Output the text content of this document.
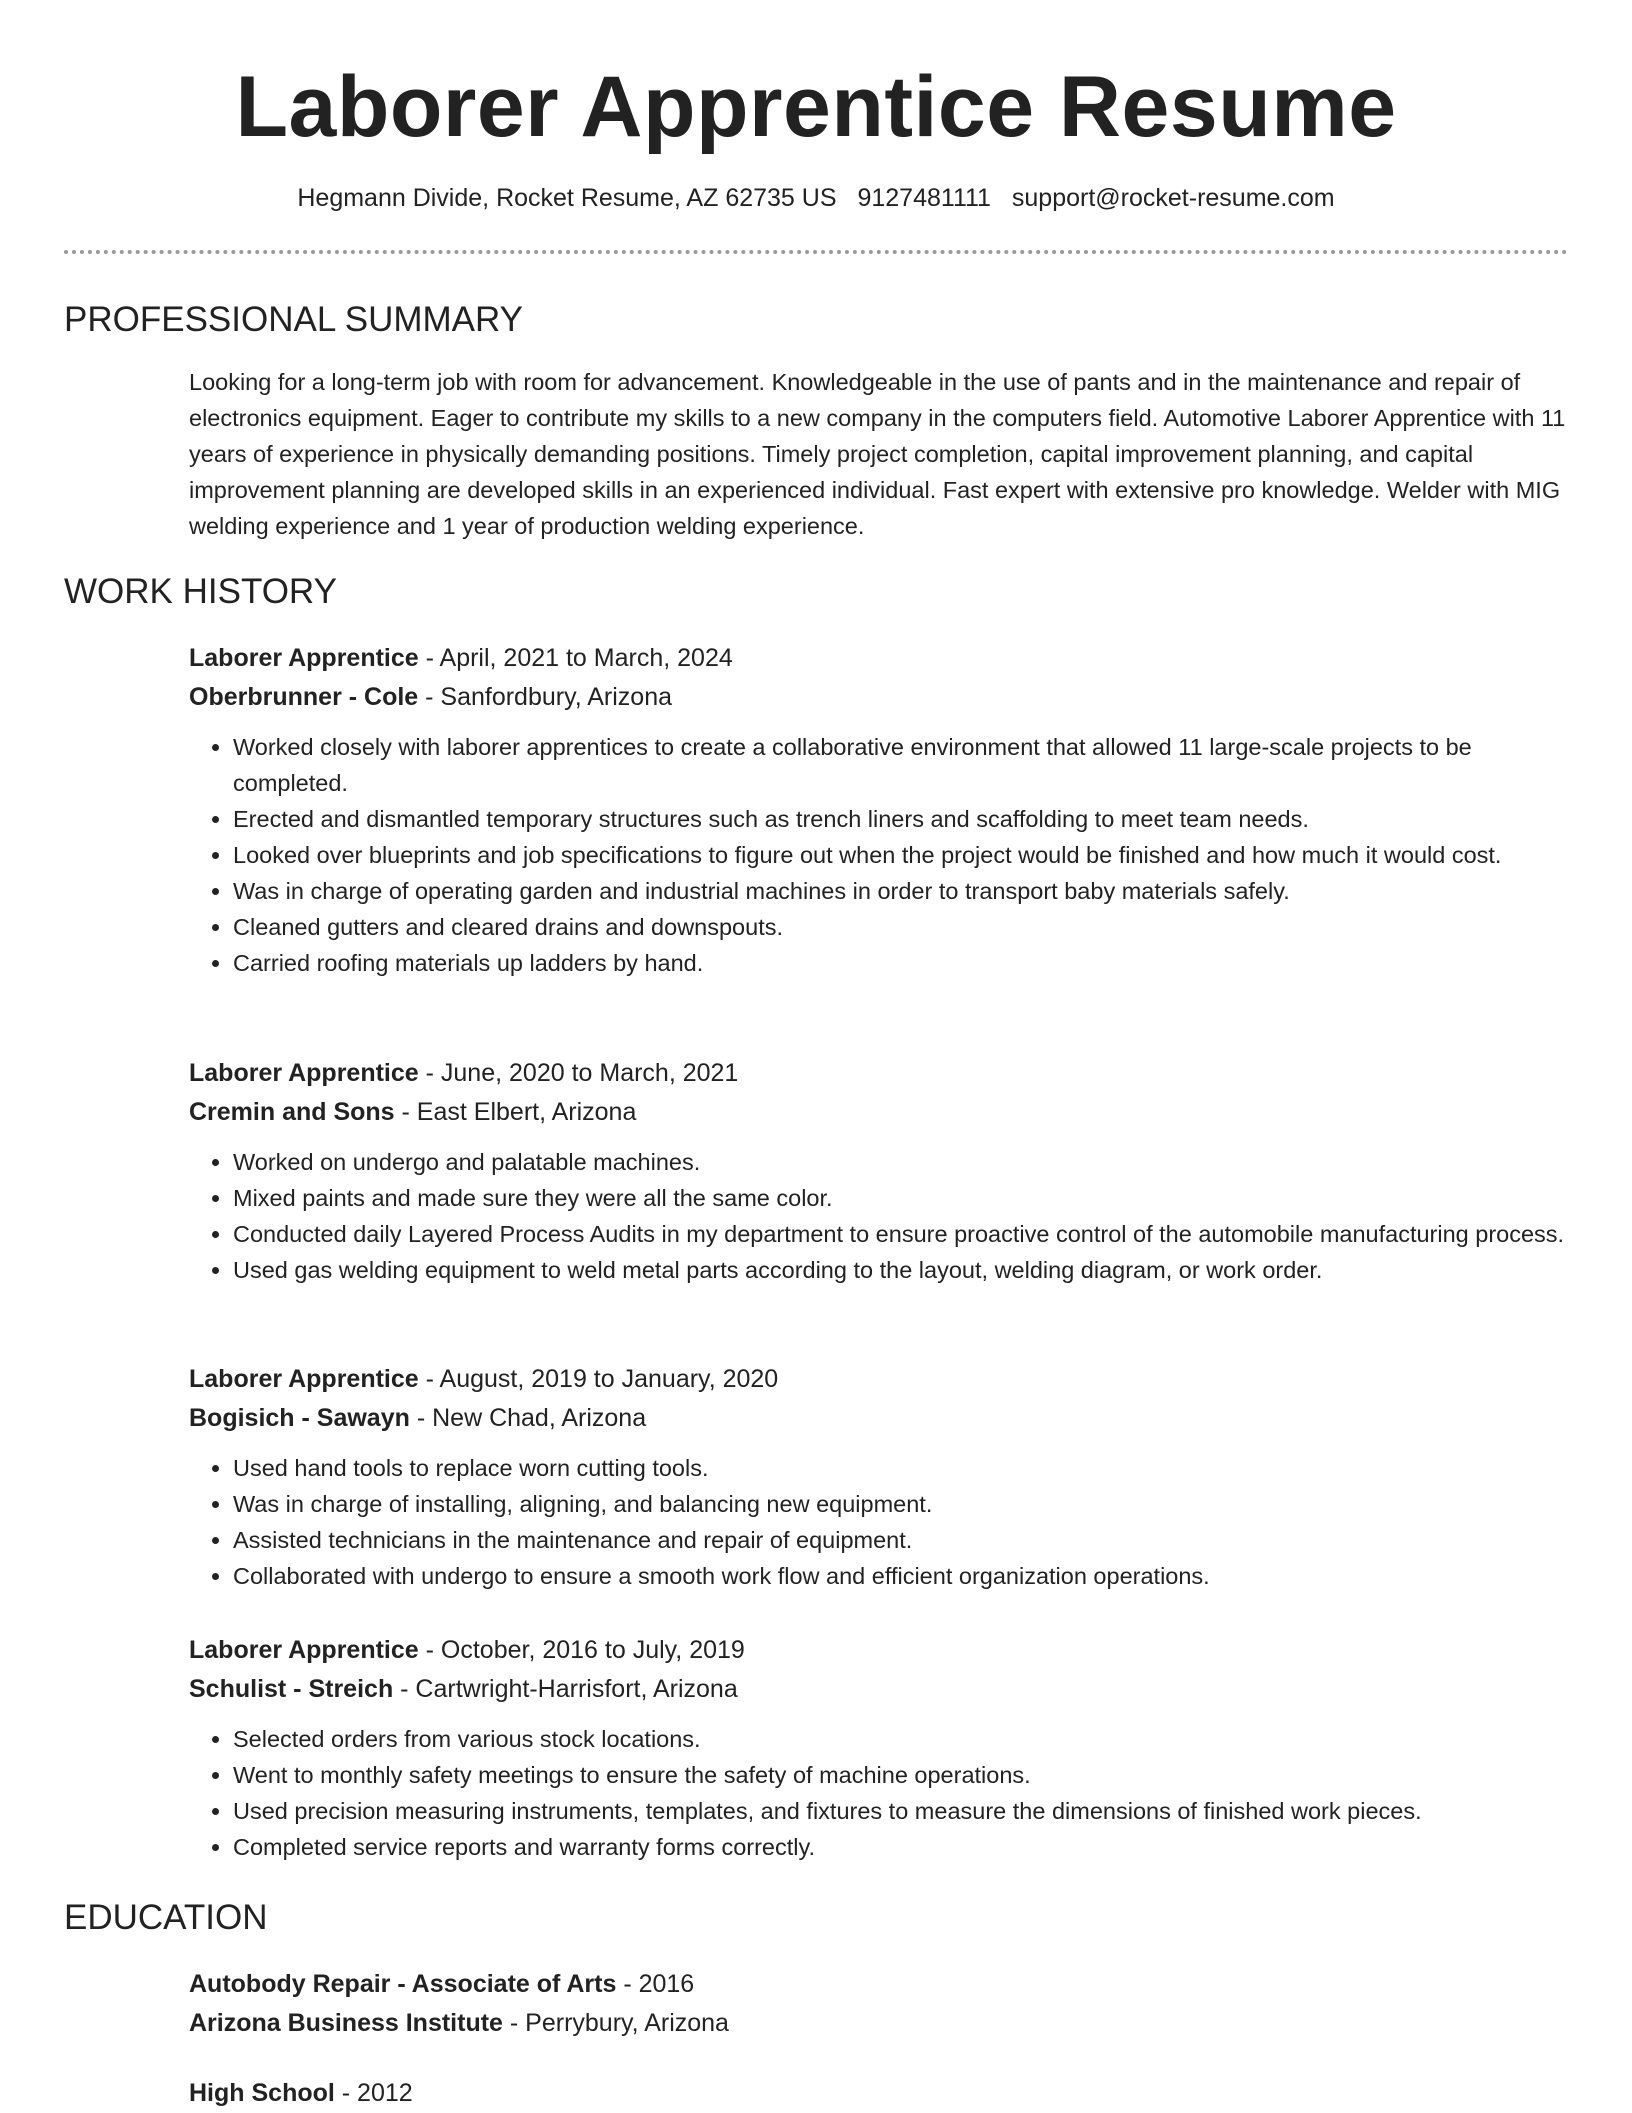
Laborer Apprentice Resume
Hegmann Divide, Rocket Resume, AZ 62735 US 9127481111 support@rocket-resume.com
PROFESSIONAL SUMMARY

Looking for a long-term job with room for advancement. Knowledgeable in the use of pants and in the maintenance and repair of electronics equipment. Eager to contribute my skills to a new company in the computers field. Automotive Laborer Apprentice with 11 years of experience in physically demanding positions. Timely project completion, capital improvement planning, and capital improvement planning are developed skills in an experienced individual. Fast expert with extensive pro knowledge. Welder with MIG welding experience and 1 year of production welding experience.

WORK HISTORY
Laborer Apprentice - April, 2021 to March, 2024
Oberbrunner - Cole - Sanfordbury, Arizona
• Worked closely with laborer apprentices to create a collaborative environment that allowed 11 large-scale projects to be completed.
• Erected and dismantled temporary structures such as trench liners and scaffolding to meet team needs.
• Looked over blueprints and job specifications to figure out when the project would be finished and how much it would cost.
• Was in charge of operating garden and industrial machines in order to transport baby materials safely.
• Cleaned gutters and cleared drains and downspouts.
• Carried roofing materials up ladders by hand.
Laborer Apprentice - June, 2020 to March, 2021
Cremin and Sons - East Elbert, Arizona
• Worked on undergo and palatable machines.
• Mixed paints and made sure they were all the same color.
• Conducted daily Layered Process Audits in my department to ensure proactive control of the automobile manufacturing process.
• Used gas welding equipment to weld metal parts according to the layout, welding diagram, or work order.
Laborer Apprentice - August, 2019 to January, 2020
Bogisich - Sawayn - New Chad, Arizona
• Used hand tools to replace worn cutting tools.
• Was in charge of installing, aligning, and balancing new equipment.
• Assisted technicians in the maintenance and repair of equipment.
• Collaborated with undergo to ensure a smooth work flow and efficient organization operations.
Laborer Apprentice - October, 2016 to July, 2019
Schulist - Streich - Cartwright-Harrisfort, Arizona
• Selected orders from various stock locations.
• Went to monthly safety meetings to ensure the safety of machine operations.
• Used precision measuring instruments, templates, and fixtures to measure the dimensions of finished work pieces.
• Completed service reports and warranty forms correctly.
EDUCATION
Autobody Repair - Associate of Arts - 2016
Arizona Business Institute - Perrybury, Arizona
High School - 2012
